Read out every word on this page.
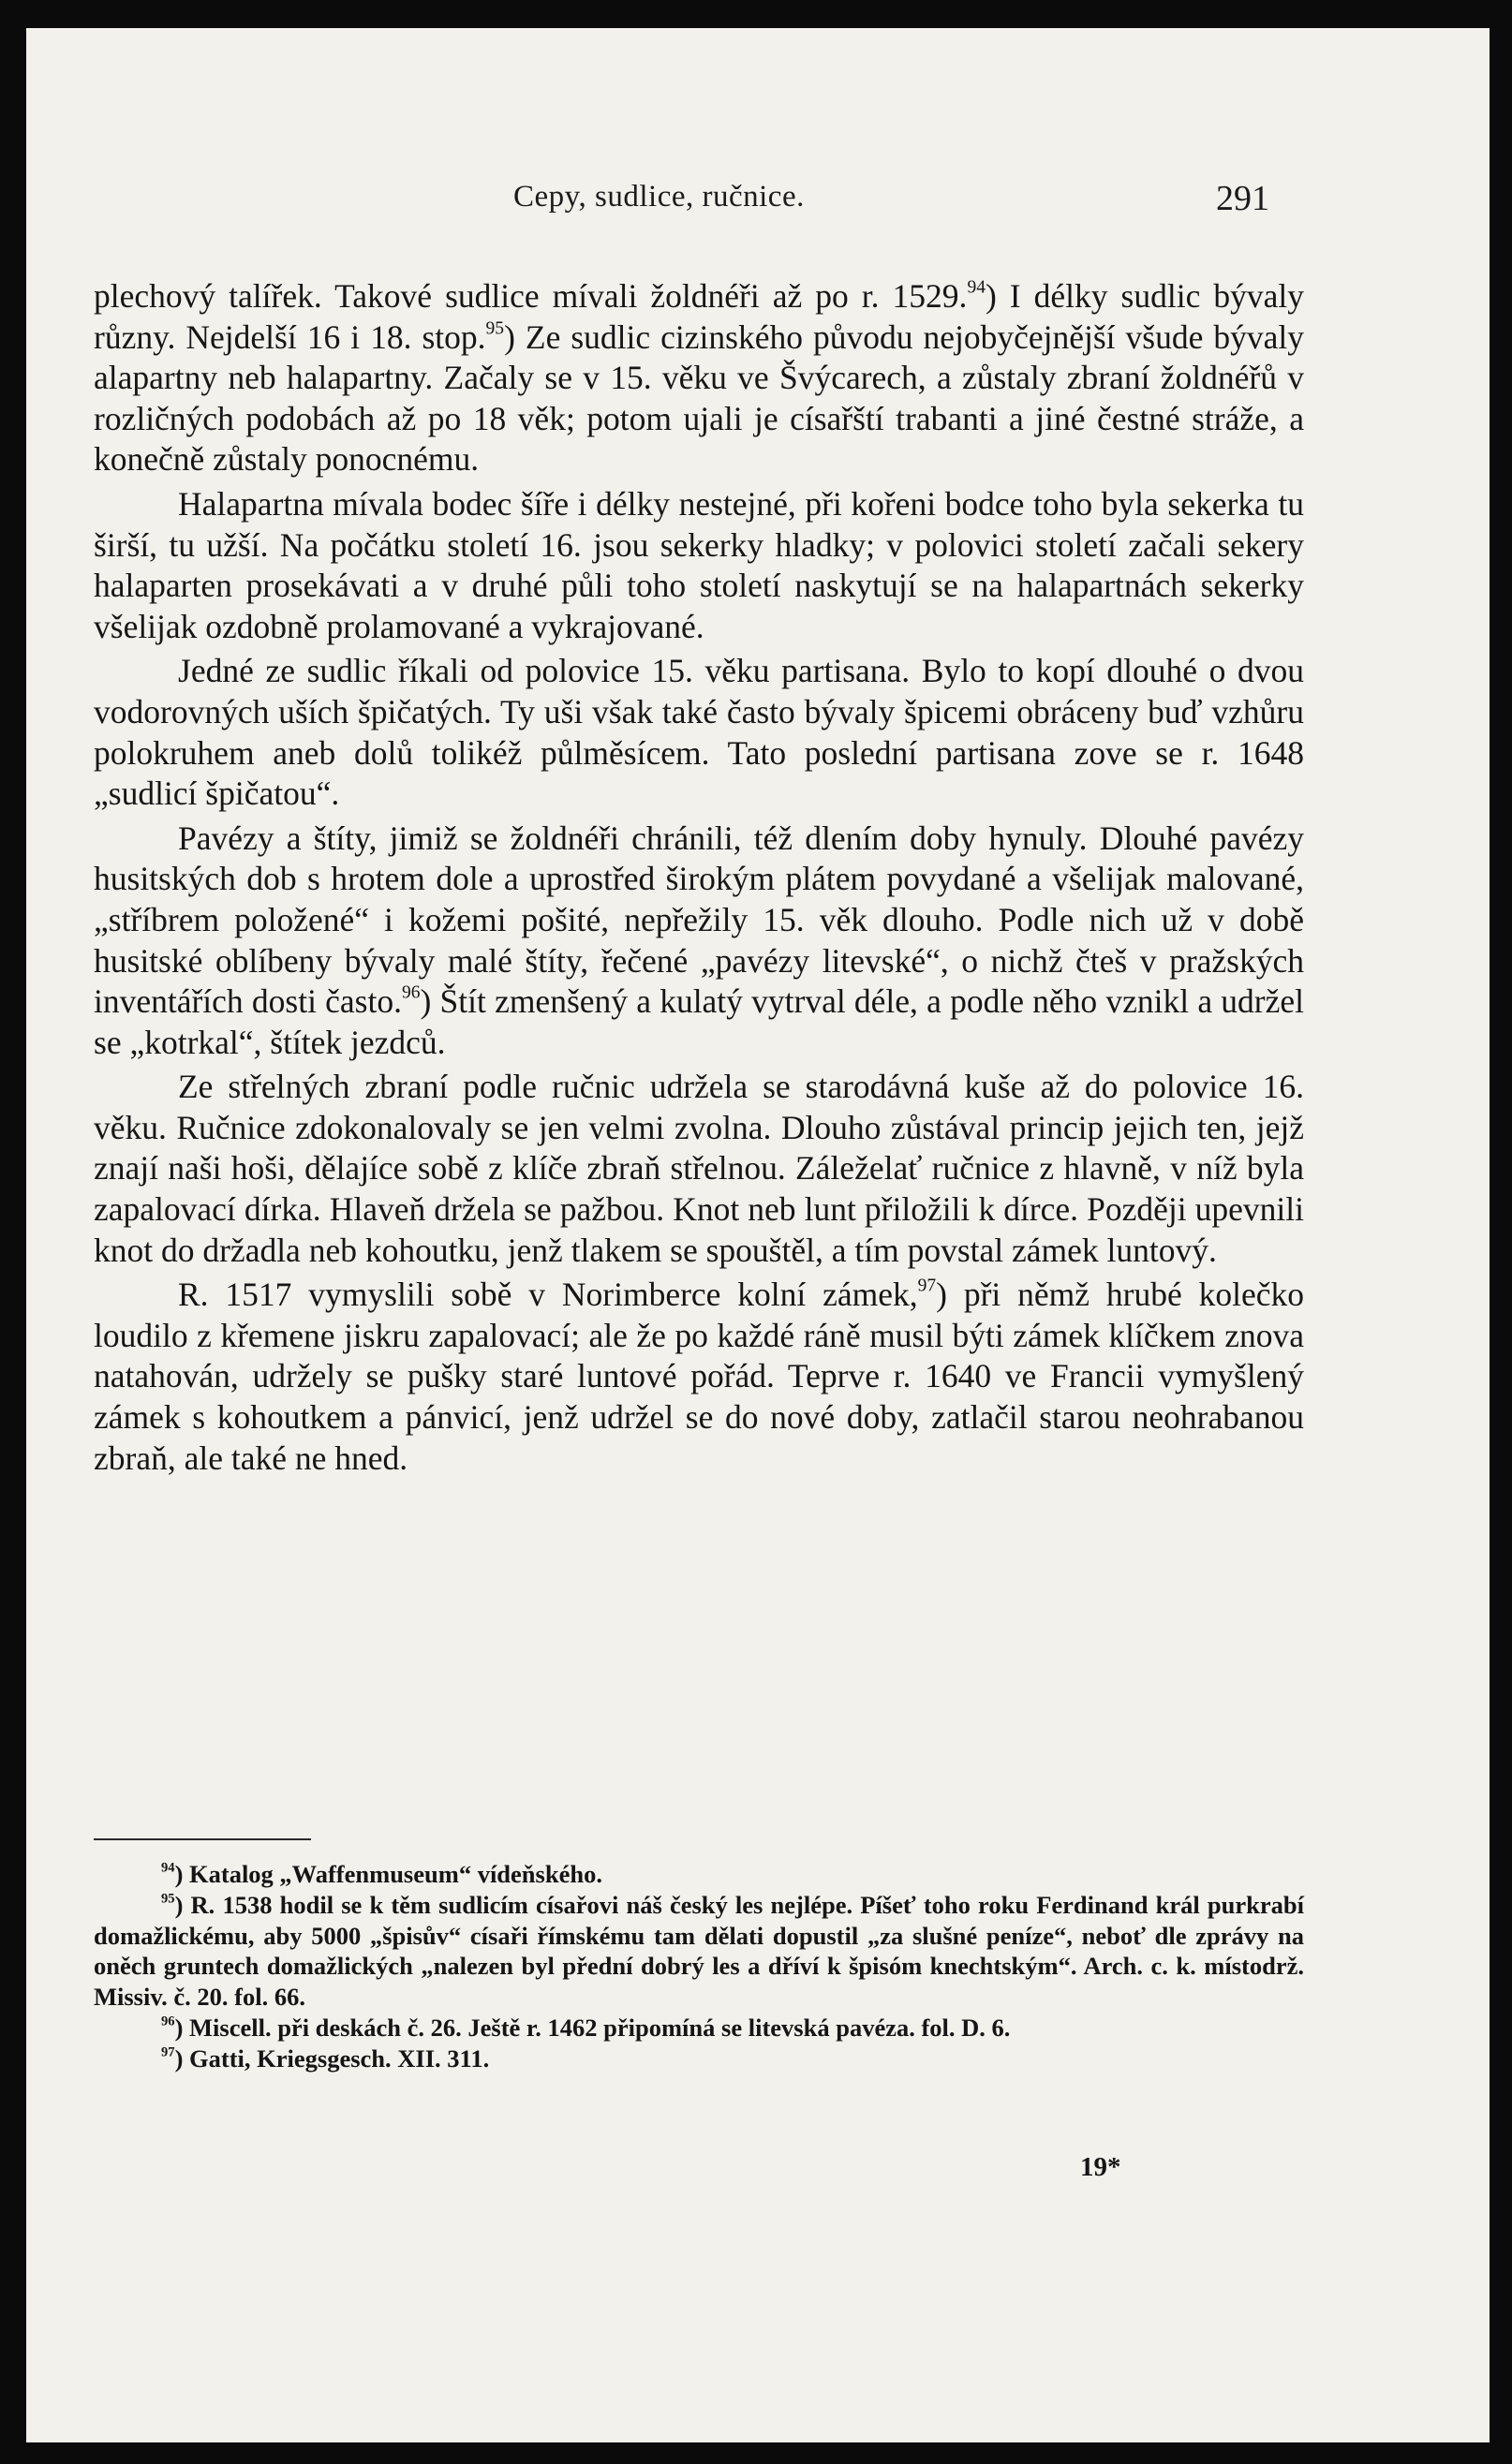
Cepy, sudlice, ručnice.	291

plechový talířek. Takové sudlice mívali žoldnéři až po r. 1529.94) I délky sudlic bývaly různy. Nejdelší 16 i 18. stop.$^{95}$) Ze sudlic cizinského původu nejobyčejnější všude bývaly alapartny neb halapartny. Začaly se v 15. věku ve Švýcarech, a zůstaly zbraní žoldnéřů v rozličných podobách až po 18 věk; potom ujali je císařští trabanti a jiné čestné stráže, a konečně zůstaly ponocnému.

Halapartna mívala bodec šíře i délky nestejné, při kořeni bodce toho byla sekerka tu širší, tu užší. Na počátku století 16. jsou sekerky hladky; v polovici století začali sekery halaparten prosekávati a v druhé půli toho století naskytují se na halapartnách sekerky všelijak ozdobně prolamované a vykrajované.

Jedné ze sudlic říkali od polovice 15. věku partisana. Bylo to kopí dlouhé o dvou vodorovných uších špičatých. Ty uši však také často bývaly špicemi obráceny buď vzhůru polokruhem aneb dolů tolikéž půlměsícem. Tato poslední partisana zove se r. 1648 „sudlicí špičatou“.

Pavézy a štíty, jimiž se žoldnéři chránili, též dlením doby hynuly. Dlouhé pavézy husitských dob s hrotem dole a uprostřed širokým plátem povydané a všelijak malované, „stříbrem položené“ i kožemi pošité, nepřežily 15. věk dlouho. Podle nich už v době husitské oblíbeny bývaly malé štíty, řečené „pavézy litevské“, o nichž čteš v pražských inventářích dosti často.$^{96}$) Štít zmenšený a kulatý vytrval déle, a podle něho vznikl a udržel se „kotrkal“, štítek jezdců.

Ze střelných zbraní podle ručnic udržela se starodávná kuše až do polovice 16. věku. Ručnice zdokonalovaly se jen velmi zvolna. Dlouho zůstával princip jejich ten, jejž znají naši hoši, dělajíce sobě z klíče zbraň střelnou. Záleželať ručnice z hlavně, v níž byla zapalovací dírka. Hlaveň držela se pažbou. Knot neb lunt přiložili k dírce. Později upevnili knot do držadla neb kohoutku, jenž tlakem se spouštěl, a tím povstal zámek luntový.

R. 1517 vymyslili sobě v Norimberce kolní zámek,$^{97}$) při němž hrubé kolečko loudilo z křemene jiskru zapalovací; ale že po každé ráně musil býti zámek klíčkem znova natahován, udržely se pušky staré luntové pořád. Teprve r. 1640 ve Francii vymyšlený zámek s kohoutkem a pánvicí, jenž udržel se do nové doby, zatlačil starou neohrabanou zbraň, ale také ne hned.

$^{94}$) Katalog „Waffenmuseum“ vídeňského.

$^{95}$) R. 1538 hodil se k těm sudlicím císařovi náš český les nejlépe. Píšeť toho roku Ferdinand král purkrabí domažlickému, aby 5000 „špisův“ císaři římskému tam dělati dopustil „za slušné peníze“, neboť dle zprávy na oněch gruntech domažlických „nalezen byl přední dobrý les a dříví k špisóm knechtským“. Arch. c. k. místodrž. Missiv. č. 20. fol. 66.

$^{96}$) Miscell. při deskách č. 26. Ještě r. 1462 připomíná se litevská pavéza. fol. D. 6.

$^{97}$) Gatti, Kriegsgesch. XII. 311.

19*
